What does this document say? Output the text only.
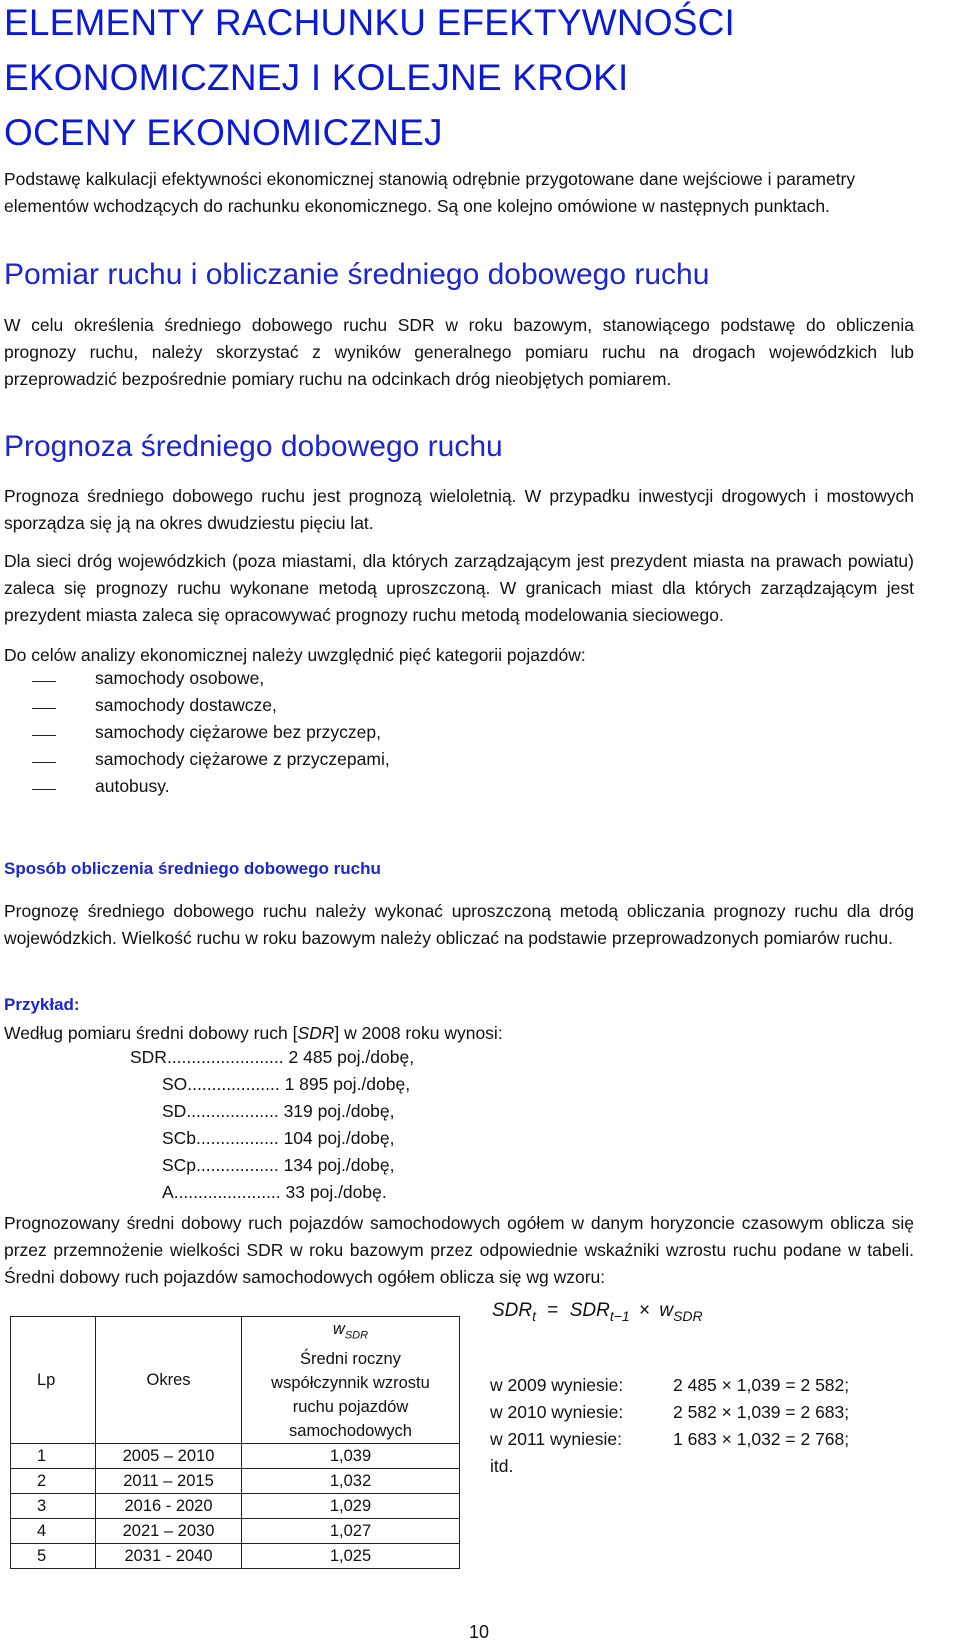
ELEMENTY RACHUNKU EFEKTYWNOŚCI
EKONOMICZNEJ I KOLEJNE KROKI
OCENY EKONOMICZNEJ

Podstawę kalkulacji efektywności ekonomicznej stanowią odrębnie przygotowane dane wejściowe i parametry elementów wchodzących do rachunku ekonomicznego. Są one kolejno omówione w następnych punktach.

Pomiar ruchu i obliczanie średniego dobowego ruchu

W celu określenia średniego dobowego ruchu SDR w roku bazowym, stanowiącego podstawę do obliczenia prognozy ruchu, należy skorzystać z wyników generalnego pomiaru ruchu na drogach wojewódzkich lub przeprowadzić bezpośrednie pomiary ruchu na odcinkach dróg nieobjętych pomiarem.

Prognoza średniego dobowego ruchu

Prognoza średniego dobowego ruchu jest prognozą wieloletnią. W przypadku inwestycji drogowych i mostowych sporządza się ją na okres dwudziestu pięciu lat.

Dla sieci dróg wojewódzkich (poza miastami, dla których zarządzającym jest prezydent miasta na prawach powiatu) zaleca się prognozy ruchu wykonane metodą uproszczoną. W granicach miast dla których zarządzającym jest prezydent miasta zaleca się opracowywać prognozy ruchu metodą modelowania sieciowego.

Do celów analizy ekonomicznej należy uwzględnić pięć kategorii pojazdów:

samochody osobowe,
samochody dostawcze,
samochody ciężarowe bez przyczep,
samochody ciężarowe z przyczepami,
autobusy.
Sposób obliczenia średniego dobowego ruchu

Prognozę średniego dobowego ruchu należy wykonać uproszczoną metodą obliczania prognozy ruchu dla dróg wojewódzkich. Wielkość ruchu w roku bazowym należy obliczać na podstawie przeprowadzonych pomiarów ruchu.

Przykład:

Według pomiaru średni dobowy ruch [SDR] w 2008 roku wynosi:

SDR........................ 2 485 poj./dobę,
SO................... 1 895 poj./dobę,
SD................... 319 poj./dobę,
SCb................. 104 poj./dobę,
SCp................. 134 poj./dobę,
A...................... 33 poj./dobę.

Prognozowany średni dobowy ruch pojazdów samochodowych ogółem w danym horyzoncie czasowym oblicza się przez przemnożenie wielkości SDR w roku bazowym przez odpowiednie wskaźniki wzrostu ruchu podane w tabeli. Średni dobowy ruch pojazdów samochodowych ogółem oblicza się wg wzoru:

Lp	Okres	$w_{SDR}$
Średni roczny współczynnik wzrostu ruchu pojazdów samochodowych

1	2005 – 2010	1,039
2	2011 – 2015	1,032
3	2016 - 2020	1,029
4	2021 – 2030	1,027
5	2031 - 2040	1,025
$SDR_t = SDR_{t-1} \times w_{SDR}$
w 2009 wyniesie:	2 485 × 1,039 = 2 582;
w 2010 wyniesie:	2 582 × 1,039 = 2 683;
w 2011 wyniesie:	1 683 × 1,032 = 2 768;
itd.
10
